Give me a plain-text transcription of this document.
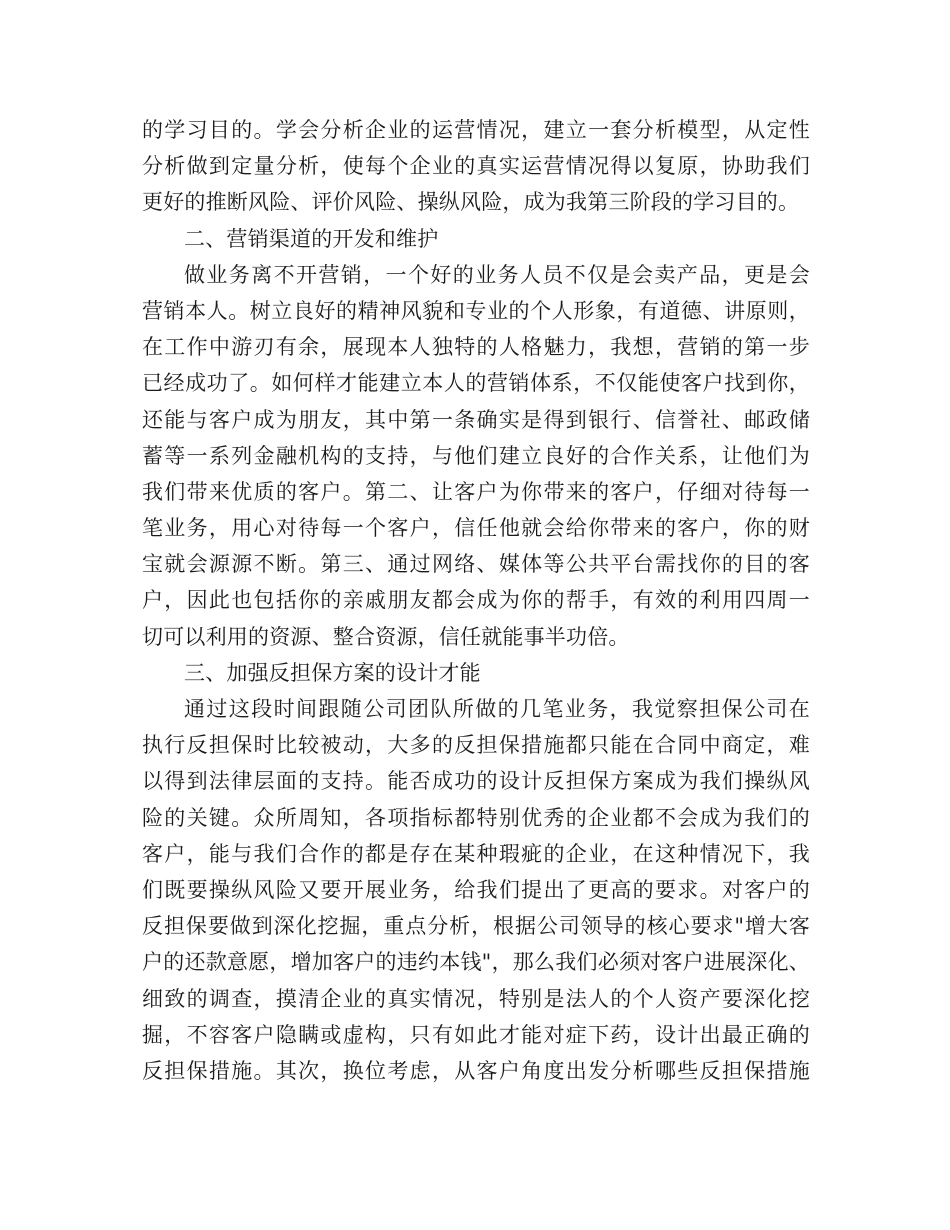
的学习目的。学会分析企业的运营情况，建立一套分析模型，从定性
分析做到定量分析，使每个企业的真实运营情况得以复原，协助我们
更好的推断风险、评价风险、操纵风险，成为我第三阶段的学习目的。
二、营销渠道的开发和维护
做业务离不开营销，一个好的业务人员不仅是会卖产品，更是会
营销本人。树立良好的精神风貌和专业的个人形象，有道德、讲原则，
在工作中游刃有余，展现本人独特的人格魅力，我想，营销的第一步
已经成功了。如何样才能建立本人的营销体系，不仅能使客户找到你，
还能与客户成为朋友，其中第一条确实是得到银行、信誉社、邮政储
蓄等一系列金融机构的支持，与他们建立良好的合作关系，让他们为
我们带来优质的客户。第二、让客户为你带来的客户，仔细对待每一
笔业务，用心对待每一个客户，信任他就会给你带来的客户，你的财
宝就会源源不断。第三、通过网络、媒体等公共平台需找你的目的客
户，因此也包括你的亲戚朋友都会成为你的帮手，有效的利用四周一
切可以利用的资源、整合资源，信任就能事半功倍。
三、加强反担保方案的设计才能
通过这段时间跟随公司团队所做的几笔业务，我觉察担保公司在
执行反担保时比较被动，大多的反担保措施都只能在合同中商定，难
以得到法律层面的支持。能否成功的设计反担保方案成为我们操纵风
险的关键。众所周知，各项指标都特别优秀的企业都不会成为我们的
客户，能与我们合作的都是存在某种瑕疵的企业，在这种情况下，我
们既要操纵风险又要开展业务，给我们提出了更高的要求。对客户的
反担保要做到深化挖掘，重点分析，根据公司领导的核心要求"增大客
户的还款意愿，增加客户的违约本钱"，那么我们必须对客户进展深化、
细致的调查，摸清企业的真实情况，特别是法人的个人资产要深化挖
掘，不容客户隐瞒或虚构，只有如此才能对症下药，设计出最正确的
反担保措施。其次，换位考虑，从客户角度出发分析哪些反担保措施
